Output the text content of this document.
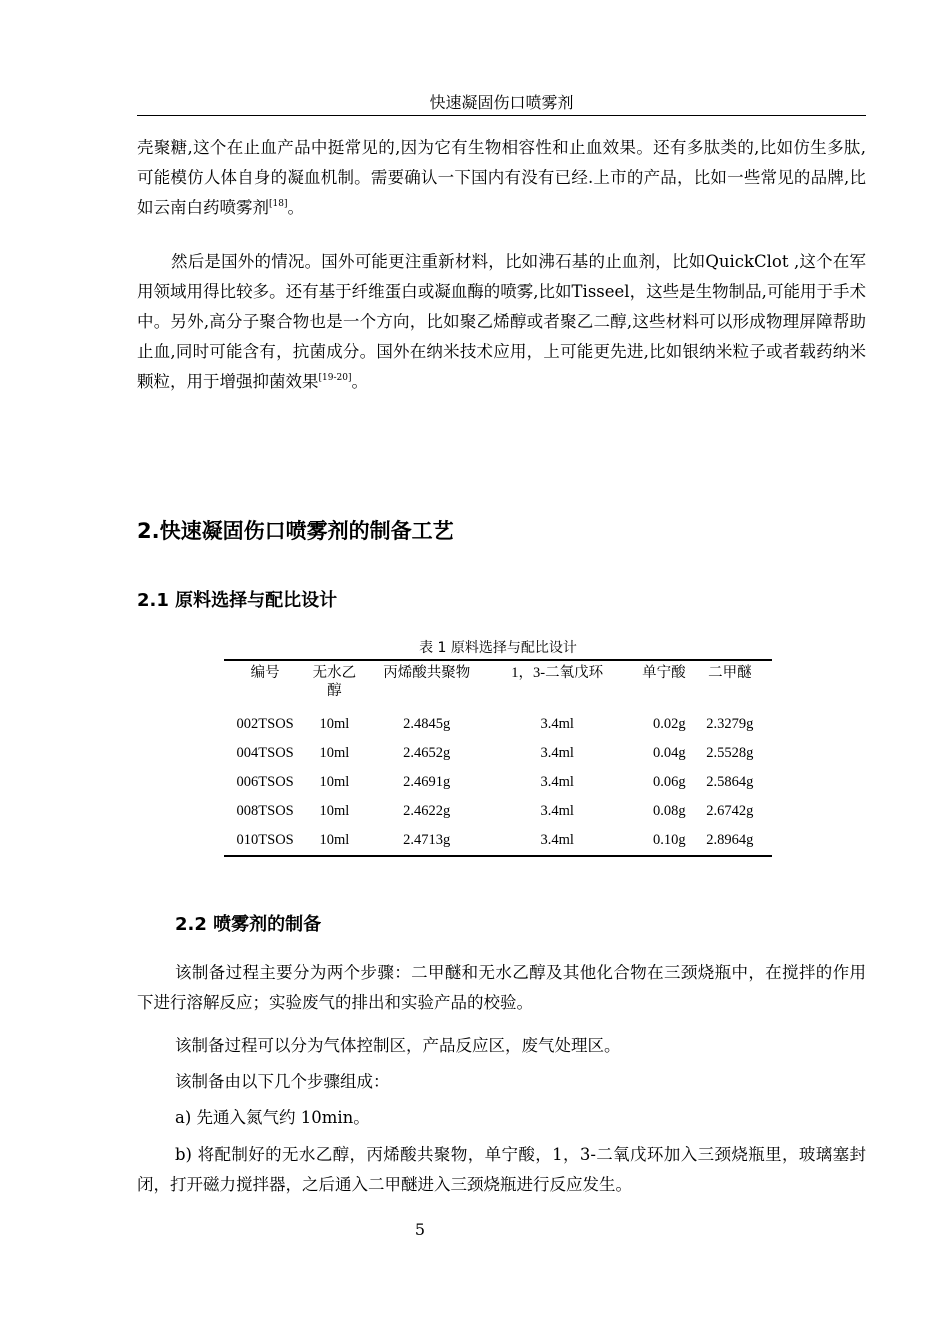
快速凝固伤口喷雾剂

壳聚糖,这个在止血产品中挺常见的,因为它有生物相容性和止血效果。还有多肽类的,比如仿生多肽,可能模仿人体自身的凝血机制。需要确认一下国内有没有已经.上市的产品，比如一些常见的品牌,比如云南白药喷雾剂[18]。

然后是国外的情况。国外可能更注重新材料，比如沸石基的止血剂，比如QuickClot ,这个在军用领域用得比较多。还有基于纤维蛋白或凝血酶的喷雾,比如Tisseel，这些是生物制品,可能用于手术中。另外,高分子聚合物也是一个方向，比如聚乙烯醇或者聚乙二醇,这些材料可以形成物理屏障帮助止血,同时可能含有，抗菌成分。国外在纳米技术应用，上可能更先进,比如银纳米粒子或者载药纳米颗粒，用于增强抑菌效果[19-20]。

2.快速凝固伤口喷雾剂的制备工艺
2.1 原料选择与配比设计
表 1 原料选择与配比设计
编号	无水乙醇	丙烯酸共聚物	1，3-二氧戊环	单宁酸	二甲醚
002TSOS	10ml	2.4845g	3.4ml	0.02g	2.3279g
004TSOS	10ml	2.4652g	3.4ml	0.04g	2.5528g
006TSOS	10ml	2.4691g	3.4ml	0.06g	2.5864g
008TSOS	10ml	2.4622g	3.4ml	0.08g	2.6742g
010TSOS	10ml	2.4713g	3.4ml	0.10g	2.8964g
2.2 喷雾剂的制备

该制备过程主要分为两个步骤：二甲醚和无水乙醇及其他化合物在三颈烧瓶中，在搅拌的作用下进行溶解反应；实验废气的排出和实验产品的校验。

该制备过程可以分为气体控制区，产品反应区，废气处理区。

该制备由以下几个步骤组成：

a) 先通入氮气约 10min。

b) 将配制好的无水乙醇，丙烯酸共聚物，单宁酸，1，3-二氧戊环加入三颈烧瓶里，玻璃塞封闭，打开磁力搅拌器，之后通入二甲醚进入三颈烧瓶进行反应发生。

5
